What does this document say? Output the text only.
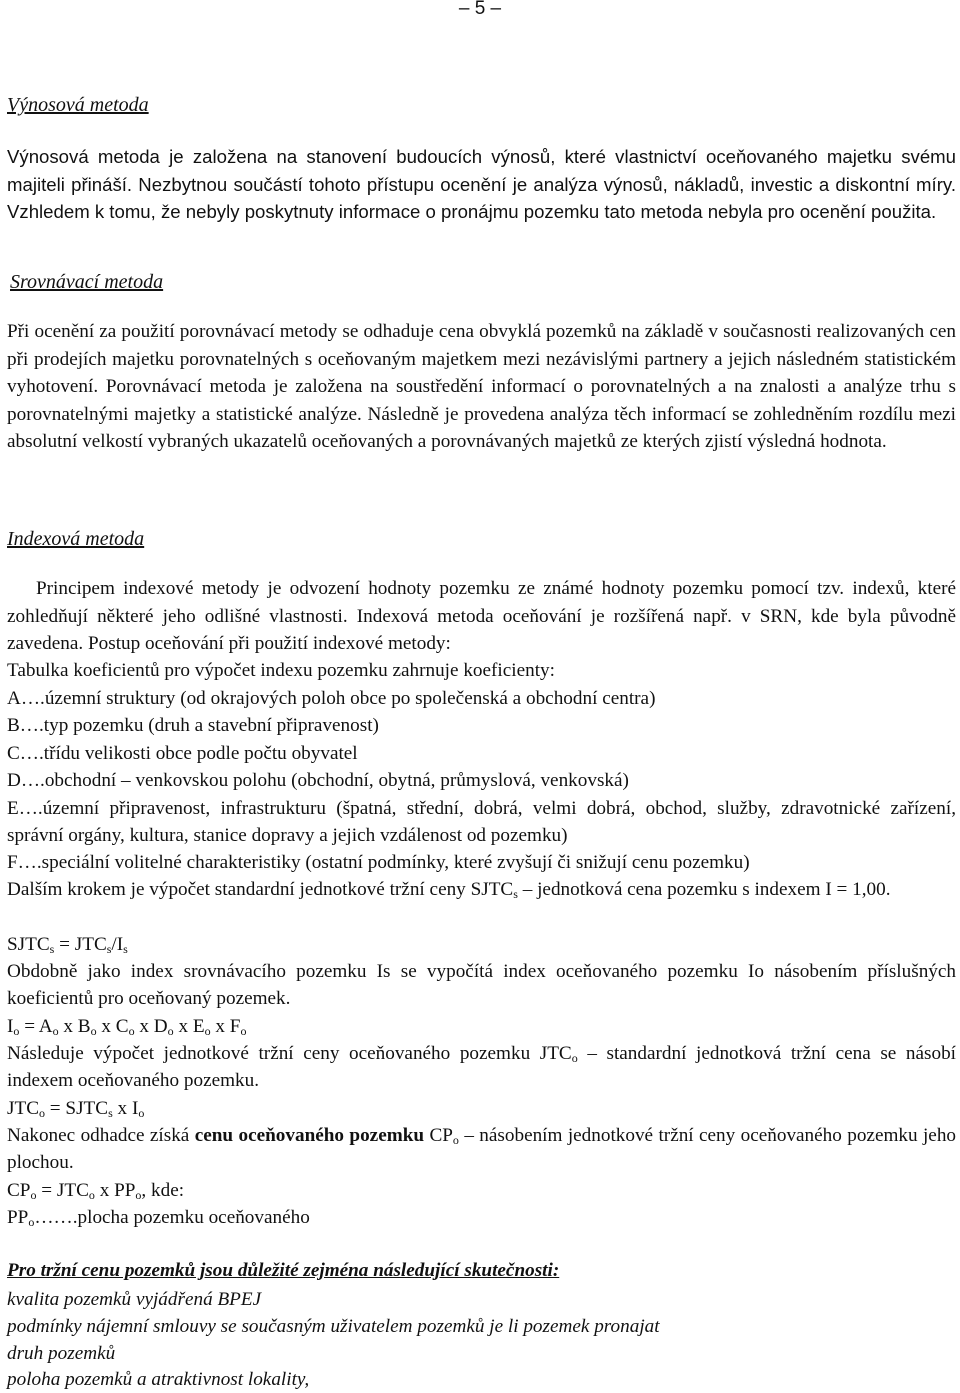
– 5 –
Výnosová metoda
Výnosová metoda je založena na stanovení budoucích výnosů, které vlastnictví oceňovaného majetku svému majiteli přináší. Nezbytnou součástí tohoto přístupu ocenění je analýza výnosů, nákladů, investic a diskontní míry. Vzhledem k tomu, že nebyly poskytnuty informace o pronájmu pozemku tato metoda nebyla pro ocenění použita.
Srovnávací metoda
Při ocenění za použití porovnávací metody se odhaduje cena obvyklá pozemků na základě v současnosti realizovaných cen při prodejích majetku porovnatelných s oceňovaným majetkem mezi nezávislými partnery a jejich následném statistickém vyhotovení. Porovnávací metoda je založena na soustředění informací o porovnatelných a na znalosti a analýze trhu s porovnatelnými majetky a statistické analýze. Následně je provedena analýza těch informací se zohledněním rozdílu mezi absolutní velkostí vybraných ukazatelů oceňovaných a porovnávaných majetků ze kterých zjistí výsledná hodnota.
Indexová metoda
Principem indexové metody je odvození hodnoty pozemku ze známé hodnoty pozemku pomocí tzv. indexů, které zohledňují některé jeho odlišné vlastnosti. Indexová metoda oceňování je rozšířená např. v SRN, kde byla původně zavedena. Postup oceňování při použití indexové metody:
Tabulka koeficientů pro výpočet indexu pozemku zahrnuje koeficienty:
A….územní struktury (od okrajových poloh obce po společenská a obchodní centra)
B….typ pozemku (druh a stavební připravenost)
C….třídu velikosti obce podle počtu obyvatel
D….obchodní – venkovskou polohu (obchodní, obytná, průmyslová, venkovská)
E….územní připravenost, infrastrukturu (špatná, střední, dobrá, velmi dobrá, obchod, služby, zdravotnické zařízení, správní orgány, kultura, stanice dopravy a jejich vzdálenost od pozemku)
F….speciální volitelné charakteristiky (ostatní podmínky, které zvyšují či snižují cenu pozemku)
Dalším krokem je výpočet standardní jednotkové tržní ceny $SJTC_s$ – jednotková cena pozemku s indexem I = 1,00.
$SJTC_s = JTC_s/I_s$
Obdobně jako index srovnávacího pozemku Is se vypočítá index oceňovaného pozemku Io násobením příslušných koeficientů pro oceňovaný pozemek.
$I_o = A_o$ x $B_o$ x $C_o$ x $D_o$ x $E_o$ x $F_o$
Následuje výpočet jednotkové tržní ceny oceňovaného pozemku $JTC_o$ – standardní jednotková tržní cena se násobí indexem oceňovaného pozemku.
$JTC_o$ = $SJTC_s$ x $I_o$
Nakonec odhadce získá cenu oceňovaného pozemku $CP_o$ – násobením jednotkové tržní ceny oceňovaného pozemku jeho plochou.
$CP_o = JTC_o$ x $PP_o$, kde:
$PP_o\dots\dots.plocha$ pozemku oceňovaného
Pro tržní cenu pozemků jsou důležité zejména následující skutečnosti:
kvalita pozemků vyjádřená BPEJ
podmínky nájemní smlouvy se současným uživatelem pozemků je li pozemek pronajat
druh pozemků
poloha pozemků a atraktivnost lokality,
